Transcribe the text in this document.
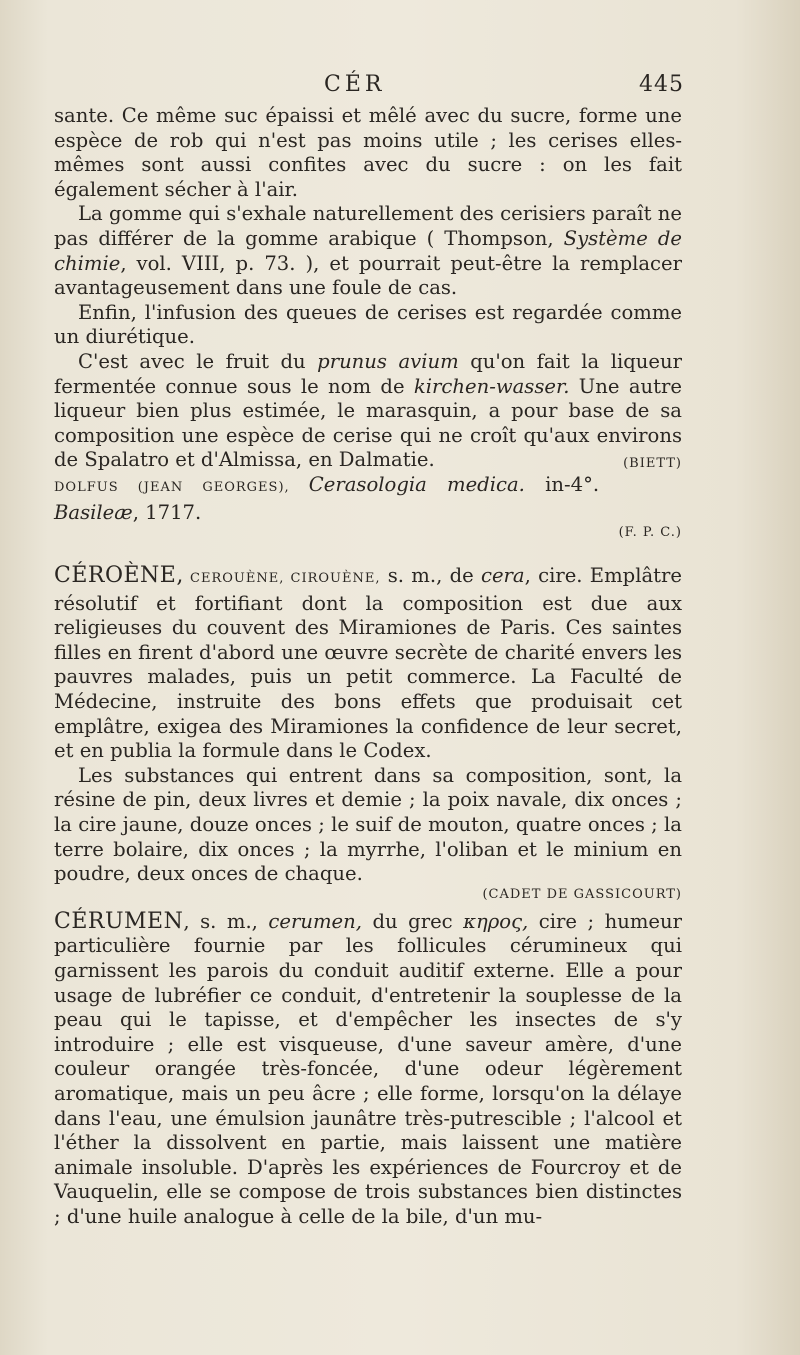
CÉR	445

sante. Ce même suc épaissi et mêlé avec du sucre, forme une espèce de rob qui n'est pas moins utile ; les cerises elles-mêmes sont aussi confites avec du sucre : on les fait également sécher à l'air.

La gomme qui s'exhale naturellement des cerisiers paraît ne pas différer de la gomme arabique ( Thompson, Système de chimie, vol. VIII, p. 73. ), et pourrait peut-être la remplacer avantageusement dans une foule de cas.

Enfin, l'infusion des queues de cerises est regardée comme un diurétique.

C'est avec le fruit du prunus avium qu'on fait la liqueur fermentée connue sous le nom de kirchen-wasser. Une autre liqueur bien plus estimée, le marasquin, a pour base de sa composition une espèce de cerise qui ne croît qu'aux environs de Spalatro et d'Almissa, en Dalmatie.	(BIETT)

DOLFUS (JEAN GEORGES), Cerasologia medica. in-4°. Basileæ, 1717.

(F. P. C.)

CÉROÈNE, CEROUÈNE, CIROUÈNE, s. m., de cera, cire. Emplâtre résolutif et fortifiant dont la composition est due aux religieuses du couvent des Miramiones de Paris. Ces saintes filles en firent d'abord une œuvre secrète de charité envers les pauvres malades, puis un petit commerce. La Faculté de Médecine, instruite des bons effets que produisait cet emplâtre, exigea des Miramiones la confidence de leur secret, et en publia la formule dans le Codex.

Les substances qui entrent dans sa composition, sont, la résine de pin, deux livres et demie ; la poix navale, dix onces ; la cire jaune, douze onces ; le suif de mouton, quatre onces ; la terre bolaire, dix onces ; la myrrhe, l'oliban et le minium en poudre, deux onces de chaque.

(CADET DE GASSICOURT)

CÉRUMEN, s. m., cerumen, du grec κηρος, cire ; humeur particulière fournie par les follicules cérumineux qui garnissent les parois du conduit auditif externe. Elle a pour usage de lubréfier ce conduit, d'entretenir la souplesse de la peau qui le tapisse, et d'empêcher les insectes de s'y introduire ; elle est visqueuse, d'une saveur amère, d'une couleur orangée très-foncée, d'une odeur légèrement aromatique, mais un peu âcre ; elle forme, lorsqu'on la délaye dans l'eau, une émulsion jaunâtre très-putrescible ; l'alcool et l'éther la dissolvent en partie, mais laissent une matière animale insoluble. D'après les expériences de Fourcroy et de Vauquelin, elle se compose de trois substances bien distinctes ; d'une huile analogue à celle de la bile, d'un mu-
